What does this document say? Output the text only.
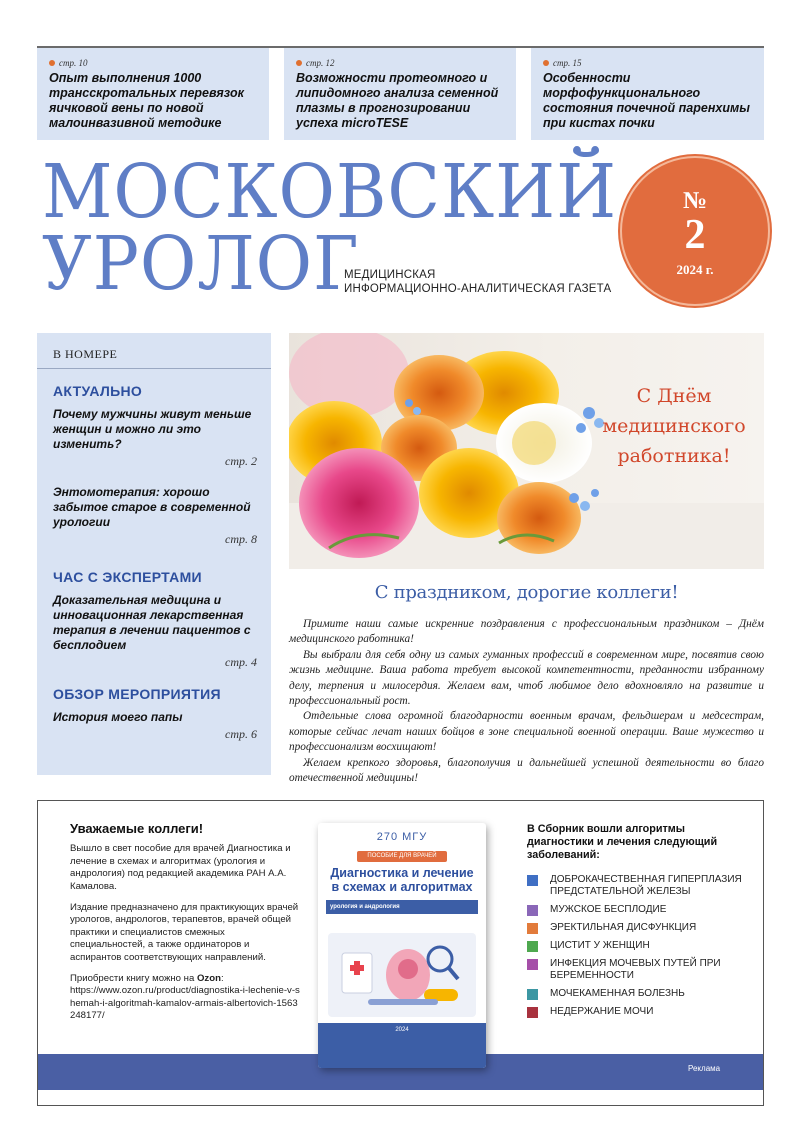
стр. 10
Опыт выполнения 1000 трансскротальных перевязок яичковой вены по новой малоинвазивной методике
стр. 12
Возможности протеомного и липидомного анализа семенной плазмы в прогнозировании успеха microTESE
стр. 15
Особенности морфофункционального состояния почечной паренхимы при кистах почки
МОСКОВСКИЙ
УРОЛОГ
МЕДИЦИНСКАЯ
ИНФОРМАЦИОННО-АНАЛИТИЧЕСКАЯ ГАЗЕТА
№
2
2024 г.
В НОМЕРЕ
АКТУАЛЬНО
Почему мужчины живут меньше женщин и можно ли это изменить?
стр. 2
Энтомотерапия: хорошо забытое старое в современной урологии
стр. 8
ЧАС С ЭКСПЕРТАМИ
Доказательная медицина и инновационная лекарственная терапия в лечении пациентов с бесплодием
стр. 4
ОБЗОР МЕРОПРИЯТИЯ
История моего папы
стр. 6
С Днём
медицинского
работника!
С праздником, дорогие коллеги!

Примите наши самые искренние поздравления с профессиональным праздником – Днём медицинского работника!

Вы выбрали для себя одну из самых гуманных профессий в современном мире, посвятив свою жизнь медицине. Ваша работа требует высокой компетентности, преданности избранному делу, терпения и милосердия. Желаем вам, чтоб любимое дело вдохновляло на развитие и профессиональный рост.

Отдельные слова огромной благодарности военным врачам, фельдшерам и медсестрам, которые сейчас лечат наших бойцов в зоне специальной военной операции. Ваше мужество и профессионализм восхищают!

Желаем крепкого здоровья, благополучия и дальнейшей успешной деятельности во благо отечественной медицины!

Реклама
Уважаемые коллеги!

Вышло в свет пособие для врачей Диагностика и лечение в схемах и алгоритмах (урология и андрология) под редакцией академика РАН А.А. Камалова.

Издание предназначено для практикующих врачей урологов, андрологов, терапевтов, врачей общей практики и специалистов смежных специальностей, а также ординаторов и аспирантов соответствующих направлений.

Приобрести книгу можно на Ozon:

https://www.ozon.ru/product/diagnostika-i-lechenie-v-shemah-i-algoritmah-kamalov-armais-albertovich-1563248177/

270 МГУ
ПОСОБИЕ ДЛЯ ВРАЧЕЙ
Диагностика и лечение
в схемах и алгоритмах
урология и андрология
2024
В Сборник вошли алгоритмы диагностики и лечения следующий заболеваний:
ДОБРОКАЧЕСТВЕННАЯ ГИПЕРПЛАЗИЯ ПРЕДСТАТЕЛЬНОЙ ЖЕЛЕЗЫ
МУЖСКОЕ БЕСПЛОДИЕ
ЭРЕКТИЛЬНАЯ ДИСФУНКЦИЯ
ЦИСТИТ У ЖЕНЩИН
ИНФЕКЦИЯ МОЧЕВЫХ ПУТЕЙ ПРИ БЕРЕМЕННОСТИ
МОЧЕКАМЕННАЯ БОЛЕЗНЬ
НЕДЕРЖАНИЕ МОЧИ
